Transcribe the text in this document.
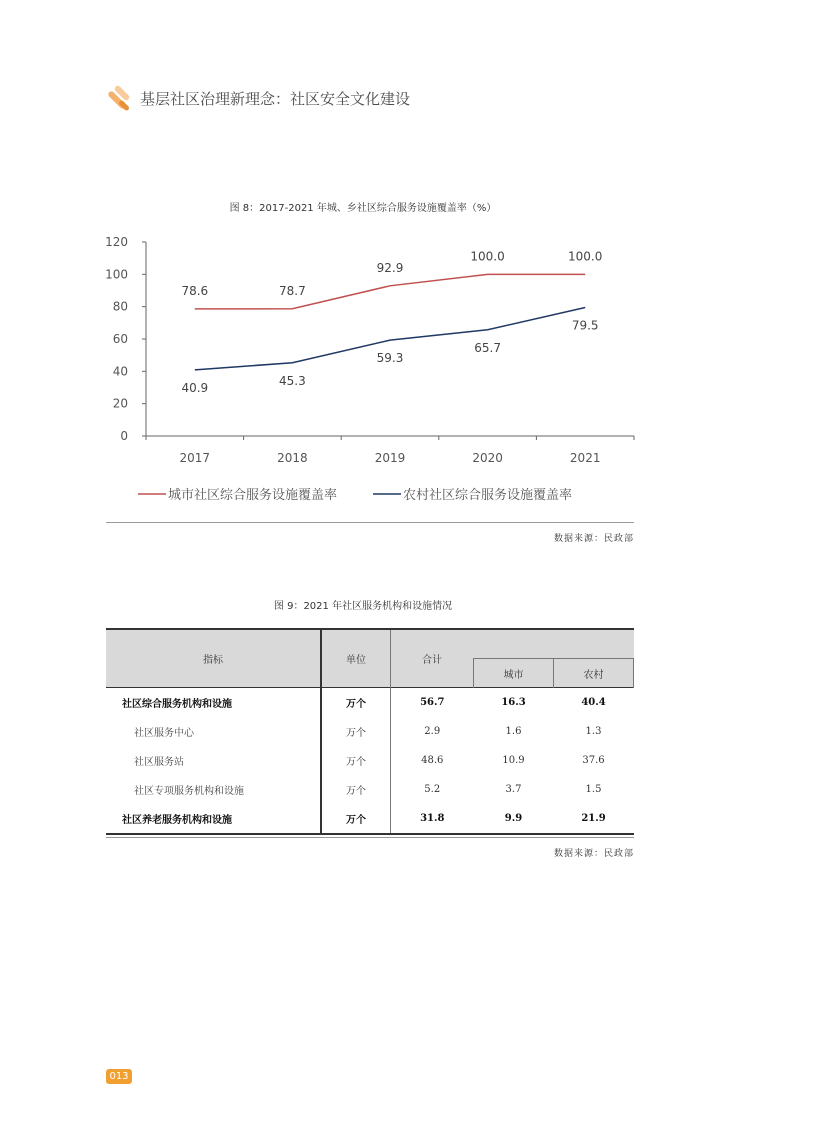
基层社区治理新理念：社区安全文化建设
图 8：2017-2021 年城、乡社区综合服务设施覆盖率（%）
0
20
40
60
80
100
120
2017	2018	2019	2020	2021
78.6	78.7
92.9
100.0	100.0
40.9
45.3
59.3
65.7
79.5
城市社区综合服务设施覆盖率	农村社区综合服务设施覆盖率
数据来源：民政部
图 9：2021 年社区服务机构和设施情况
指标	单位	合计		
			城市	农村
社区综合服务机构和设施	万个	56.7	16.3	40.4
社区服务中心	万个	2.9	1.6	1.3
社区服务站	万个	48.6	10.9	37.6
社区专项服务机构和设施	万个	5.2	3.7	1.5
社区养老服务机构和设施	万个	31.8	9.9	21.9
数据来源：民政部
013
